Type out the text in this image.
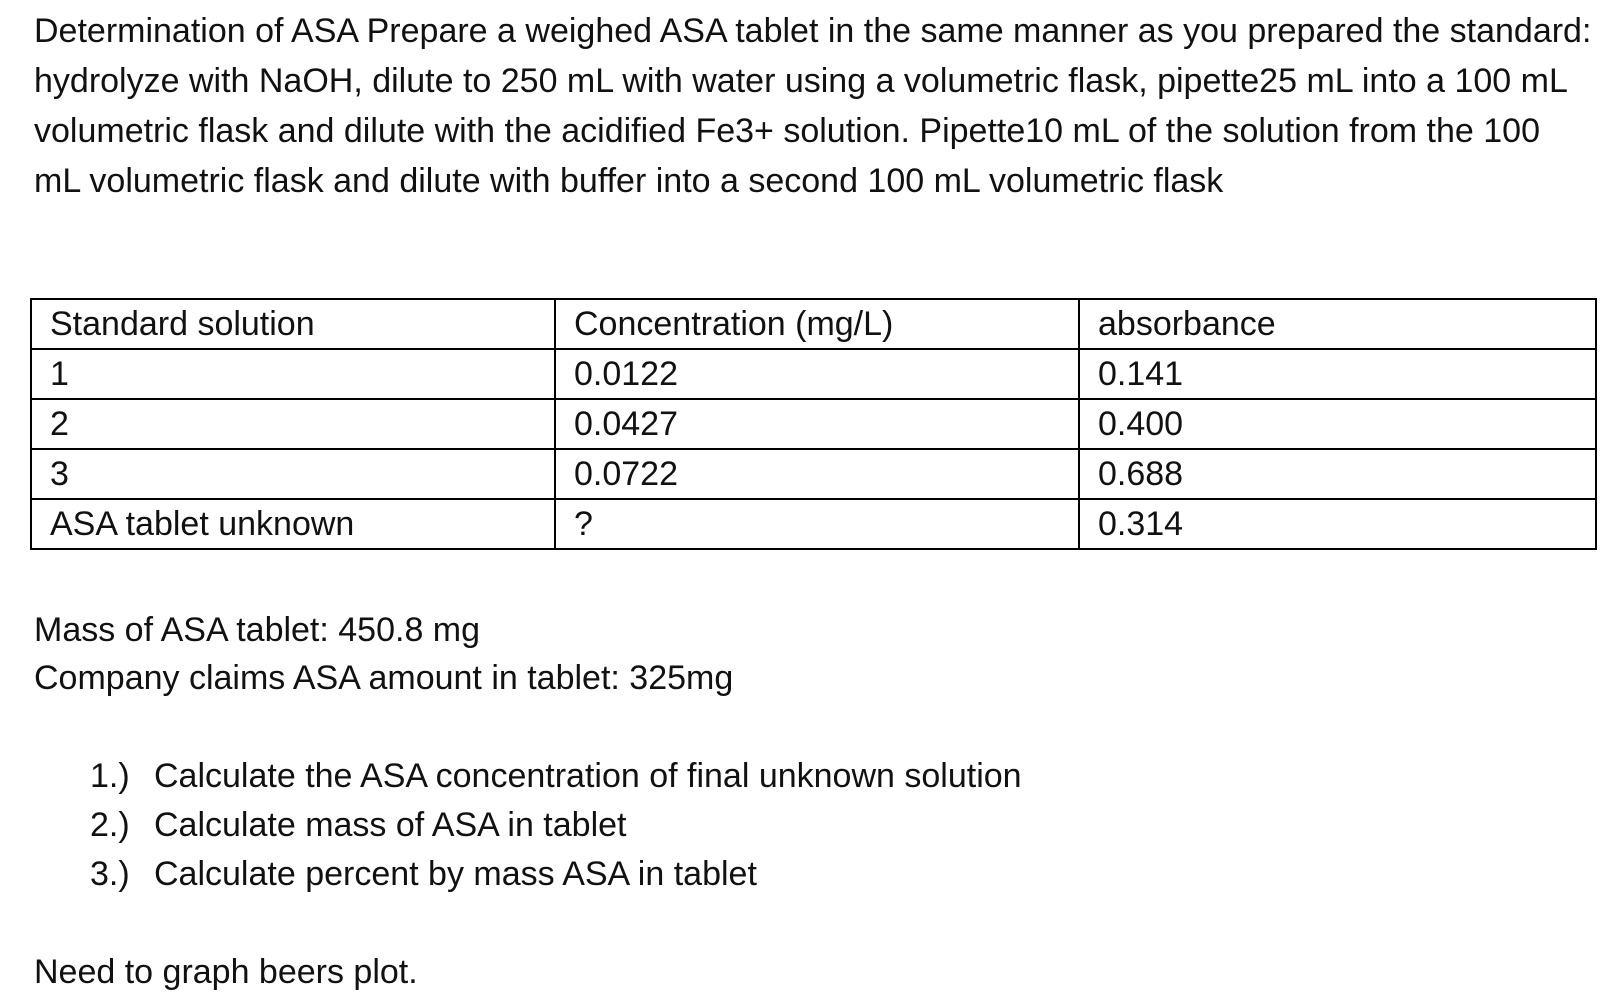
Determination of ASA Prepare a weighed ASA tablet in the same manner as you prepared the standard: hydrolyze with NaOH, dilute to 250 mL with water using a volumetric flask, pipette25 mL into a 100 mL volumetric flask and dilute with the acidified Fe3+ solution. Pipette10 mL of the solution from the 100 mL volumetric flask and dilute with buffer into a second 100 mL volumetric flask

Standard solution	Concentration (mg/L)	absorbance
1	0.0122	0.141
2	0.0427	0.400
3	0.0722	0.688
ASA tablet unknown	?	0.314
Mass of ASA tablet: 450.8 mg
Company claims ASA amount in tablet: 325mg
1.) Calculate the ASA concentration of final unknown solution
2.) Calculate mass of ASA in tablet
3.) Calculate percent by mass ASA in tablet
Need to graph beers plot.
